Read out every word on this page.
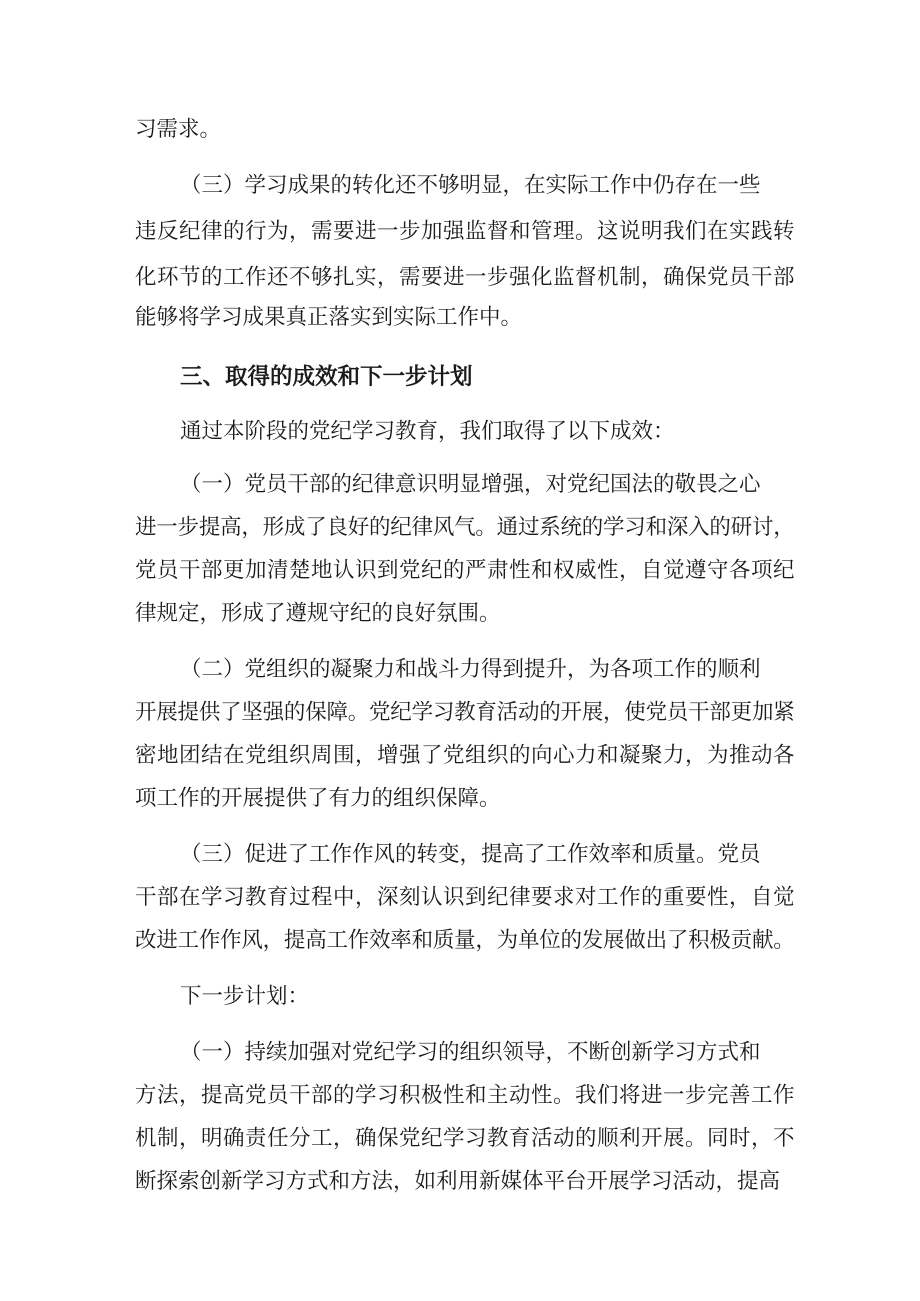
习需求。
（三）学习成果的转化还不够明显，在实际工作中仍存在一些
违反纪律的行为，需要进一步加强监督和管理。这说明我们在实践转
化环节的工作还不够扎实，需要进一步强化监督机制，确保党员干部
能够将学习成果真正落实到实际工作中。
三、取得的成效和下一步计划
通过本阶段的党纪学习教育，我们取得了以下成效：
（一）党员干部的纪律意识明显增强，对党纪国法的敬畏之心
进一步提高，形成了良好的纪律风气。通过系统的学习和深入的研讨，
党员干部更加清楚地认识到党纪的严肃性和权威性，自觉遵守各项纪
律规定，形成了遵规守纪的良好氛围。
（二）党组织的凝聚力和战斗力得到提升，为各项工作的顺利
开展提供了坚强的保障。党纪学习教育活动的开展，使党员干部更加紧
密地团结在党组织周围，增强了党组织的向心力和凝聚力，为推动各
项工作的开展提供了有力的组织保障。
（三）促进了工作作风的转变，提高了工作效率和质量。党员
干部在学习教育过程中，深刻认识到纪律要求对工作的重要性，自觉
改进工作作风，提高工作效率和质量，为单位的发展做出了积极贡献。
下一步计划：
（一）持续加强对党纪学习的组织领导，不断创新学习方式和
方法，提高党员干部的学习积极性和主动性。我们将进一步完善工作
机制，明确责任分工，确保党纪学习教育活动的顺利开展。同时，不
断探索创新学习方式和方法，如利用新媒体平台开展学习活动，提高
